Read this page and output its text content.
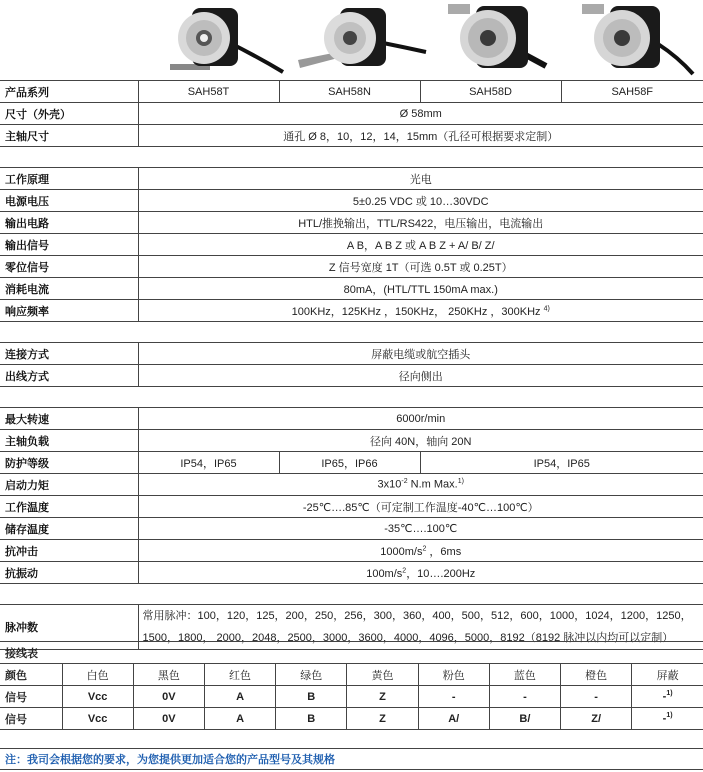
产品系列	SAH58T	SAH58N	SAH58D	SAH58F
尺寸（外壳）	Ø 58mm			
主轴尺寸	通孔 Ø 8，10，12，14，15mm（孔径可根据要求定制）			

工作原理	光电			
电源电压	5±0.25 VDC 或 10…30VDC			
输出电路	HTL/推挽输出，TTL/RS422，电压输出，电流输出			
输出信号	A B，A B Z 或 A B Z + A/ B/ Z/			
零位信号	Z 信号宽度 1T（可选 0.5T 或 0.25T）			
消耗电流	80mA，(HTL/TTL 150mA max.)			
响应频率	100KHz，125KHz ，150KHz， 250KHz ，300KHz $^{4)}$

连接方式	屏蔽电缆或航空插头			
出线方式	径向侧出			

最大转速	6000r/min			
主轴负载	径向 40N，轴向 20N			
防护等级	IP54，IP65	IP65，IP66	IP54，IP65	
启动力矩	$3x10^{-2}$ N.m Max.$^{1)}$
工作温度	-25℃….85℃（可定制工作温度-40℃…100℃）			
储存温度	-35℃….100℃			
抗冲击	$1000m/s^2$ ，6ms			
抗振动	$100m/s^2$，10….200Hz			

脉冲数	常用脉冲：100，120，125，200，250，256，300，360，400，500，512，600，1000，1024，1200，1250，
1500，1800， 2000，2048，2500，3000，3600，4000，4096，5000，8192（8192 脉冲以内均可以定制）			
接线表									
颜色	白色	黑色	红色	绿色	黄色	粉色	蓝色	橙色	屏蔽
信号	Vcc	0V	A	B	Z	-	-	-	-$^{1)}$
信号	Vcc	0V	A	B	Z	A/	B/	Z/	-$^{1)}$
注：我司会根据您的要求，为您提供更加适合您的产品型号及其规格
